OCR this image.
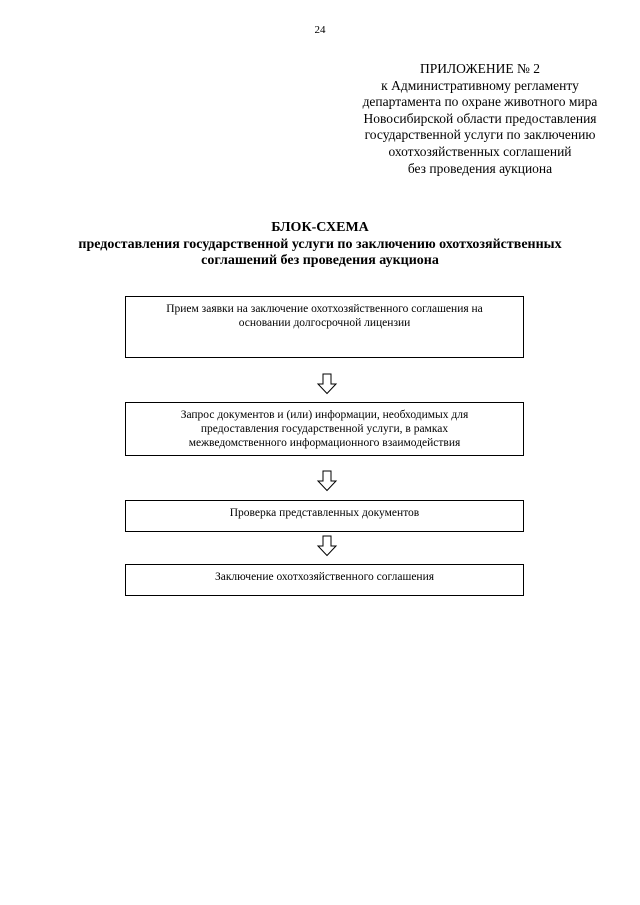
24
ПРИЛОЖЕНИЕ № 2
к Административному регламенту
департамента по охране животного мира
Новосибирской области предоставления
государственной услуги по заключению
охотхозяйственных соглашений
без проведения аукциона
БЛОК-СХЕМА
предоставления государственной услуги по заключению охотхозяйственных
соглашений без проведения аукциона
Прием заявки на заключение охотхозяйственного соглашения на
основании долгосрочной лицензии
Запрос документов и (или) информации, необходимых для
предоставления государственной услуги, в рамках
межведомственного информационного взаимодействия
Проверка представленных документов
Заключение охотхозяйственного соглашения
